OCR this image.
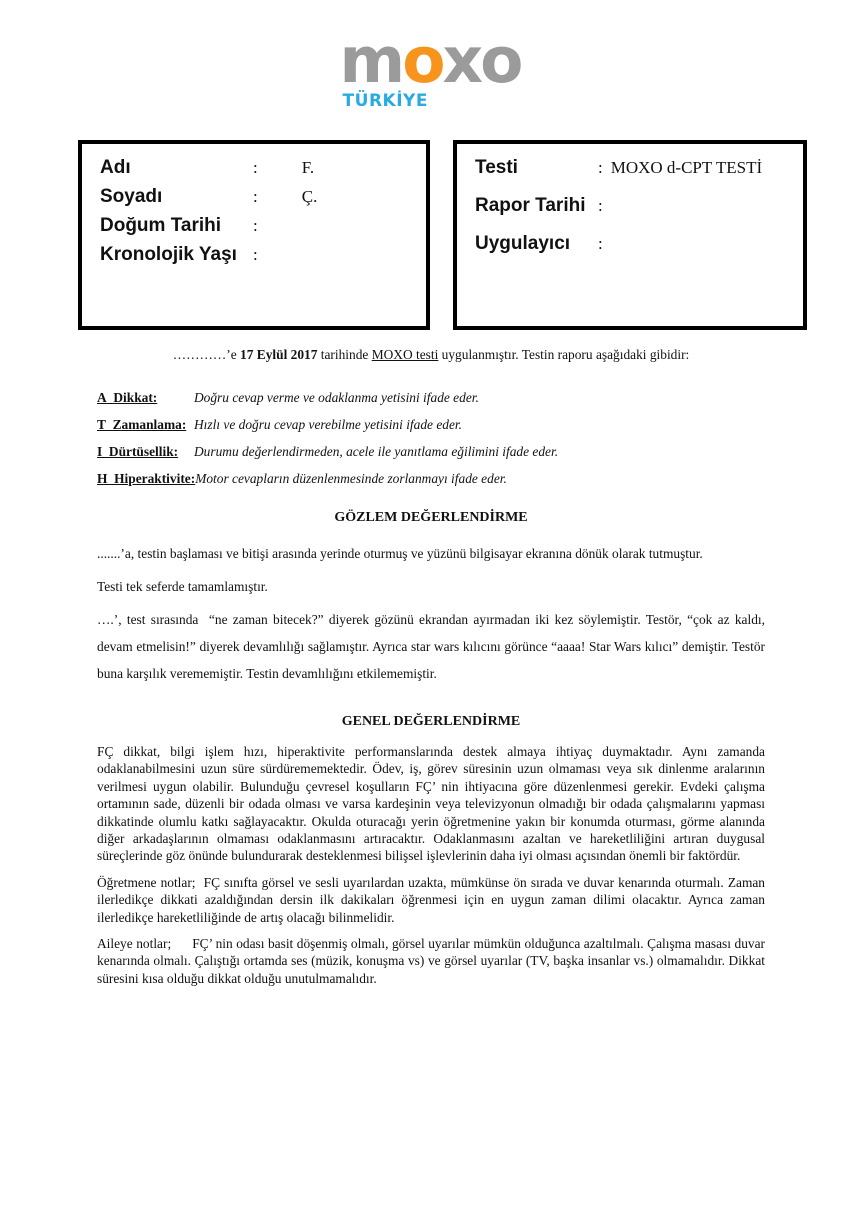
moxo
TÜRKİYE
Adı	:	F.
Soyadı	:	Ç.
Doğum Tarihi	:
Kronolojik Yaşı :
Testi	: MOXO d-CPT TESTİ
Rapor Tarihi :
Uygulayıcı	:

…………’e 17 Eylül 2017 tarihinde MOXO testi uygulanmıştır. Testin raporu aşağıdaki gibidir:

A  Dikkat:	Doğru cevap verme ve odaklanma yetisini ifade eder.
T  Zamanlama: Hızlı ve doğru cevap verebilme yetisini ifade eder.
I  Dürtüsellik:	Durumu değerlendirmeden, acele ile yanıtlama eğilimini ifade eder.
H  Hiperaktivite: Motor cevapların düzenlenmesinde zorlanmayı ifade eder.
GÖZLEM DEĞERLENDİRME

.......’a, testin başlaması ve bitişi arasında yerinde oturmuş ve yüzünü bilgisayar ekranına dönük olarak tutmuştur.

Testi tek seferde tamamlamıştır.

….’, test sırasında  “ne zaman bitecek?” diyerek gözünü ekrandan ayırmadan iki kez söylemiştir. Testör, “çok az kaldı, devam etmelisin!” diyerek devamlılığı sağlamıştır. Ayrıca star wars kılıcını görünce “aaaa! Star Wars kılıcı” demiştir. Testör buna karşılık verememiştir. Testin devamlılığını etkilememiştir.

GENEL DEĞERLENDİRME

FÇ dikkat, bilgi işlem hızı, hiperaktivite performanslarında destek almaya ihtiyaç duymaktadır. Aynı zamanda odaklanabilmesini uzun süre sürdürememektedir. Ödev, iş, görev süresinin uzun olmaması veya sık dinlenme aralarının verilmesi uygun olabilir. Bulunduğu çevresel koşulların FÇ’ nin ihtiyacına göre düzenlenmesi gerekir. Evdeki çalışma ortamının sade, düzenli bir odada olması ve varsa kardeşinin veya televizyonun olmadığı bir odada çalışmalarını yapması dikkatinde olumlu katkı sağlayacaktır. Okulda oturacağı yerin öğretmenine yakın bir konumda oturması, görme alanında diğer arkadaşlarının olmaması odaklanmasını artıracaktır. Odaklanmasını azaltan ve hareketliliğini artıran duygusal süreçlerinde göz önünde bulundurarak desteklenmesi bilişsel işlevlerinin daha iyi olması açısından önemli bir faktördür.

Öğretmene notlar;  FÇ sınıfta görsel ve sesli uyarılardan uzakta, mümkünse ön sırada ve duvar kenarında oturmalı. Zaman ilerledikçe dikkati azaldığından dersin ilk dakikaları öğrenmesi için en uygun zaman dilimi olacaktır. Ayrıca zaman ilerledikçe hareketliliğinde de artış olacağı bilinmelidir.

Aileye notlar;      FÇ’ nin odası basit döşenmiş olmalı, görsel uyarılar mümkün olduğunca azaltılmalı. Çalışma masası duvar kenarında olmalı. Çalıştığı ortamda ses (müzik, konuşma vs) ve görsel uyarılar (TV, başka insanlar vs.) olmamalıdır. Dikkat süresini kısa olduğu dikkat olduğu unutulmamalıdır.
